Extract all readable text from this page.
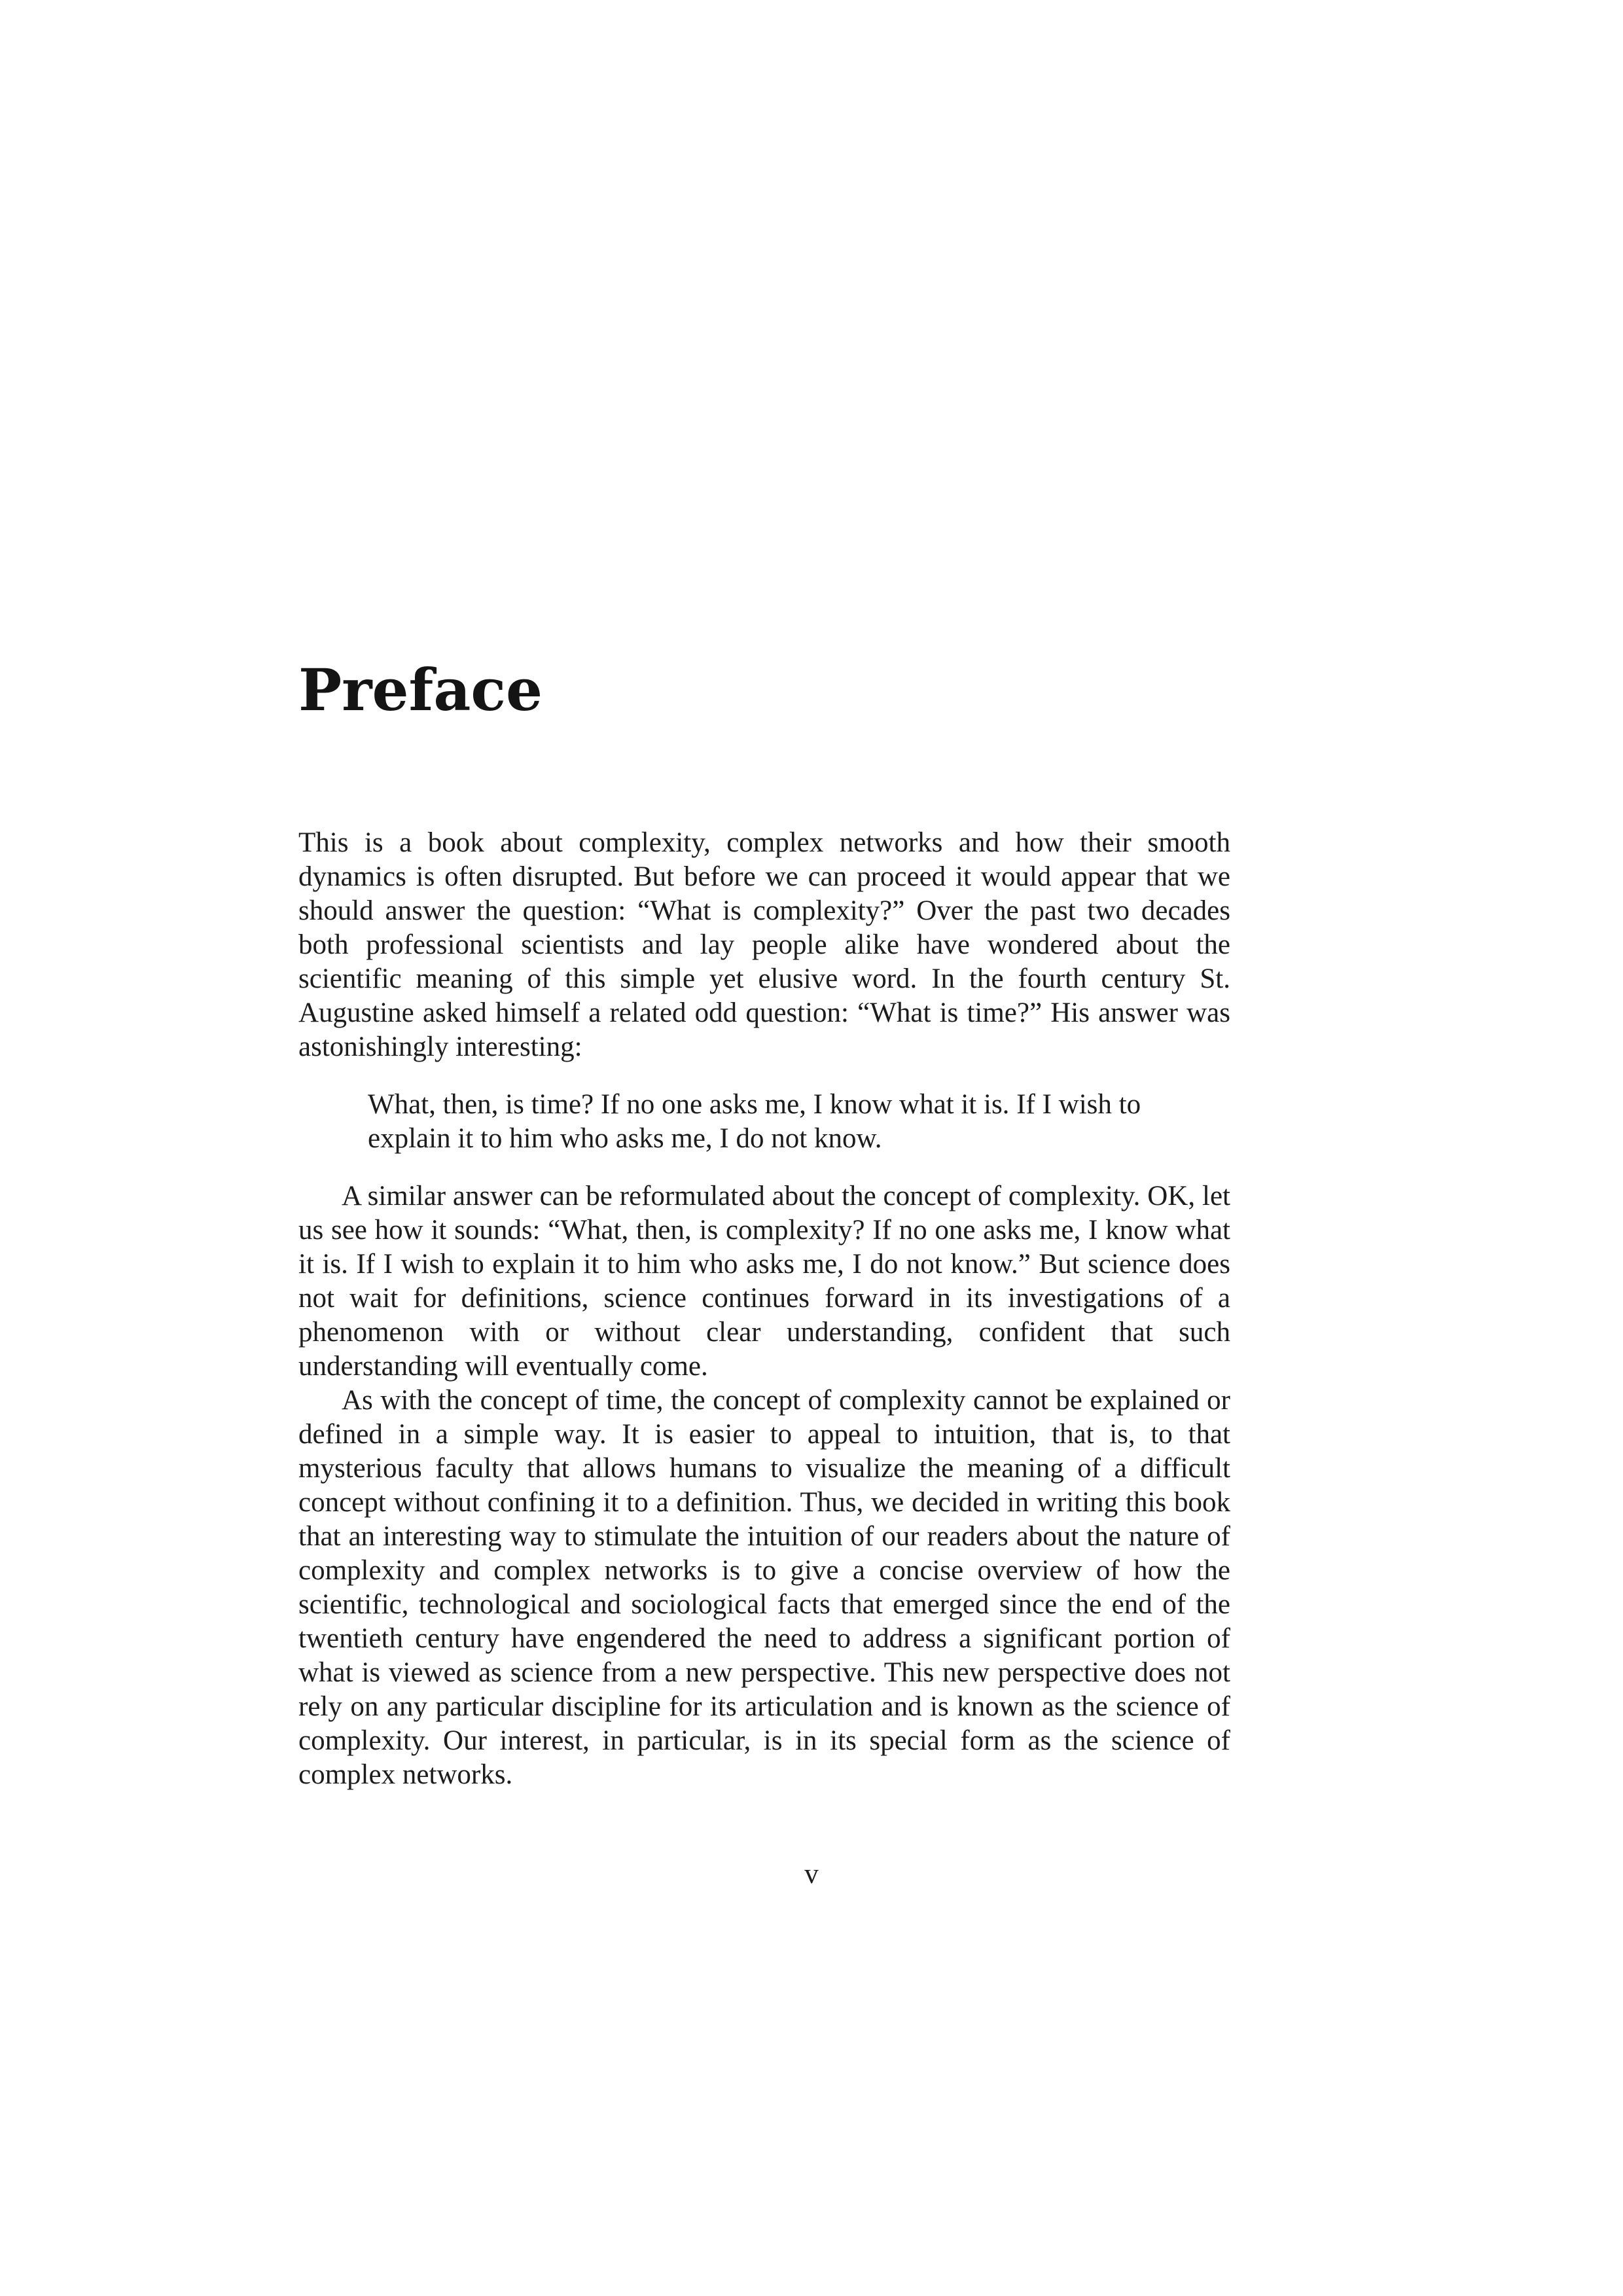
Preface

This is a book about complexity, complex networks and how their smooth dynamics is often disrupted. But before we can proceed it would appear that we should answer the question: “What is complexity?” Over the past two decades both professional scientists and lay people alike have wondered about the scientific meaning of this simple yet elusive word. In the fourth century St. Augustine asked himself a related odd question: “What is time?” His answer was astonishingly interesting:

What, then, is time? If no one asks me, I know what it is. If I wish to explain it to him who asks me, I do not know.

A similar answer can be reformulated about the concept of complexity. OK, let us see how it sounds: “What, then, is complexity? If no one asks me, I know what it is. If I wish to explain it to him who asks me, I do not know.” But science does not wait for definitions, science continues forward in its investigations of a phenomenon with or without clear understanding, confident that such understanding will eventually come.

As with the concept of time, the concept of complexity cannot be explained or defined in a simple way. It is easier to appeal to intuition, that is, to that mysterious faculty that allows humans to visualize the meaning of a difficult concept without confining it to a definition. Thus, we decided in writing this book that an interesting way to stimulate the intuition of our readers about the nature of complexity and complex networks is to give a concise overview of how the scientific, technological and sociological facts that emerged since the end of the twentieth century have engendered the need to address a significant portion of what is viewed as science from a new perspective. This new perspective does not rely on any particular discipline for its articulation and is known as the science of complexity. Our interest, in particular, is in its special form as the science of complex networks.

v
